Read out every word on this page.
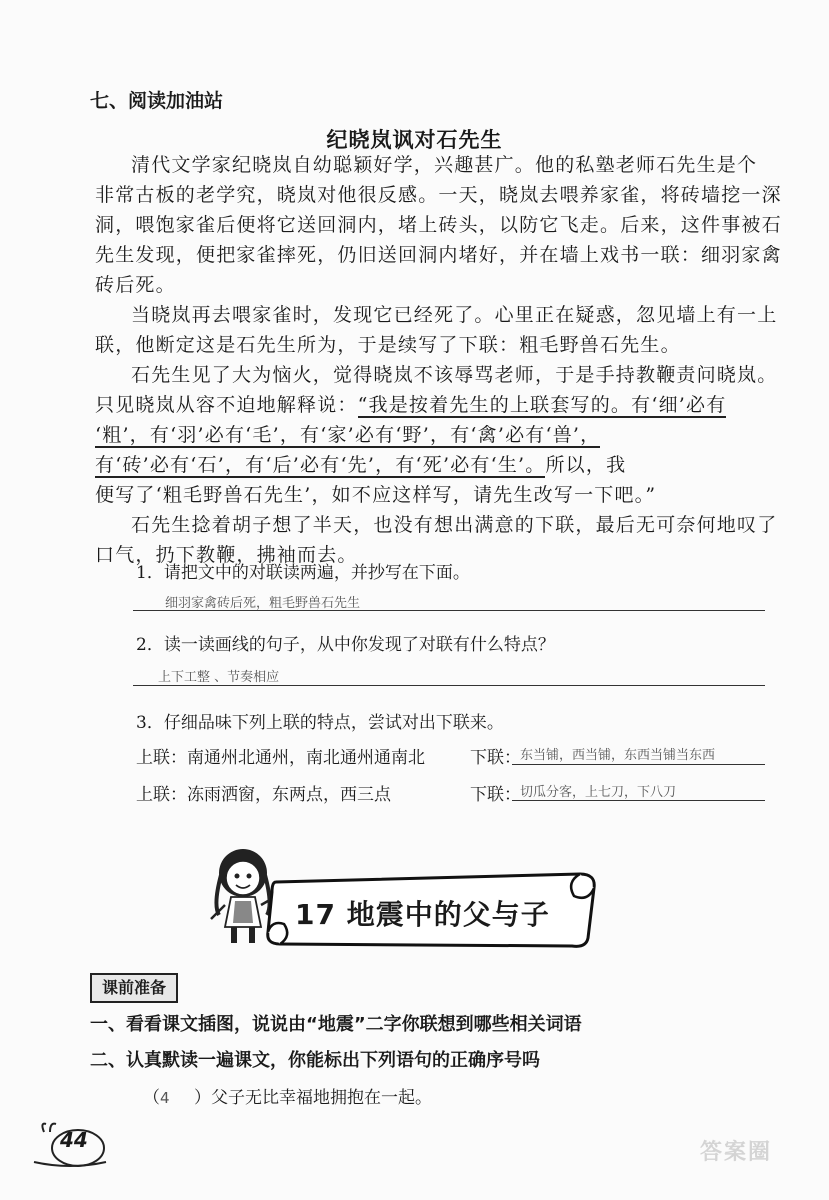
七、阅读加油站
纪晓岚讽对石先生
清代文学家纪晓岚自幼聪颖好学，兴趣甚广。他的私塾老师石先生是个
非常古板的老学究，晓岚对他很反感。一天，晓岚去喂养家雀，将砖墙挖一深
洞，喂饱家雀后便将它送回洞内，堵上砖头，以防它飞走。后来，这件事被石
先生发现，便把家雀摔死，仍旧送回洞内堵好，并在墙上戏书一联：细羽家禽
砖后死。
当晓岚再去喂家雀时，发现它已经死了。心里正在疑惑，忽见墙上有一上
联，他断定这是石先生所为，于是续写了下联：粗毛野兽石先生。
石先生见了大为恼火，觉得晓岚不该辱骂老师，于是手持教鞭责问晓岚。
只见晓岚从容不迫地解释说：“我是按着先生的上联套写的。有‘细’必有
‘粗’，有‘羽’必有‘毛’，有‘家’必有‘野’，有‘禽’必有‘兽’，
有‘砖’必有‘石’，有‘后’必有‘先’，有‘死’必有‘生’。所以，我
便写了‘粗毛野兽石先生’，如不应这样写，请先生改写一下吧。”
石先生捻着胡子想了半天，也没有想出满意的下联，最后无可奈何地叹了
口气，扔下教鞭，拂袖而去。
1．请把文中的对联读两遍，并抄写在下面。
细羽家禽砖后死，粗毛野兽石先生
2．读一读画线的句子，从中你发现了对联有什么特点？
上下工整 、节奏相应
3．仔细品味下列上联的特点，尝试对出下联来。
上联：南通州北通州，南北通州通南北	下联： 东当铺，西当铺，东西当铺当东西
上联：冻雨洒窗，东两点，西三点	下联： 切瓜分客，上七刀，下八刀
17 地震中的父与子
课前准备
一、看看课文插图，说说由“地震”二字你联想到哪些相关词语
二、认真默读一遍课文，你能标出下列语句的正确序号吗
（4 ）父子无比幸福地拥抱在一起。
44	答案圈
